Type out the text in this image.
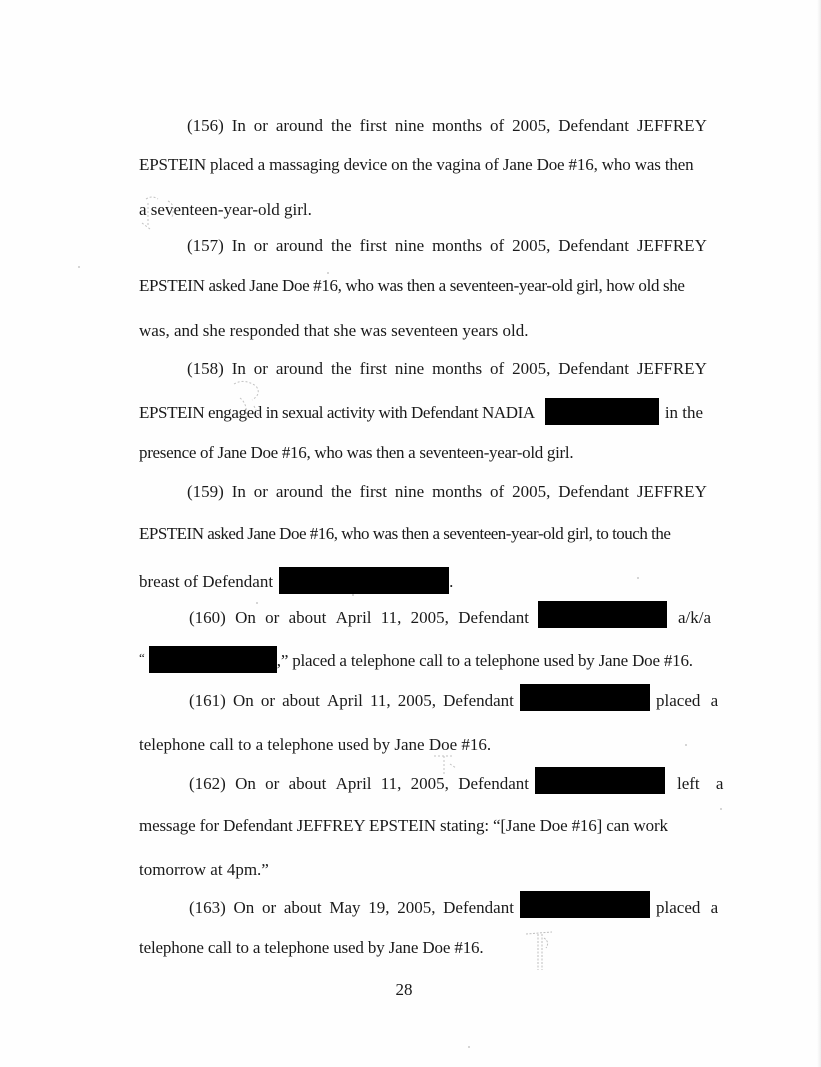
(156) In or around the first nine months of 2005, Defendant JEFFREY
EPSTEIN placed a massaging device on the vagina of Jane Doe #16, who was then
a seventeen-year-old girl.
(157) In or around the first nine months of 2005, Defendant JEFFREY
EPSTEIN asked Jane Doe #16, who was then a seventeen-year-old girl, how old she
was, and she responded that she was seventeen years old.
(158) In or around the first nine months of 2005, Defendant JEFFREY
EPSTEIN engaged in sexual activity with Defendant NADIA	in the
presence of Jane Doe #16, who was then a seventeen-year-old girl.
(159) In or around the first nine months of 2005, Defendant JEFFREY
EPSTEIN asked Jane Doe #16, who was then a seventeen-year-old girl, to touch the
breast of Defendant	.
(160) On or about April 11, 2005, Defendant	a/k/a
“	,” placed a telephone call to a telephone used by Jane Doe #16.
(161) On or about April 11, 2005, Defendant	placed a
telephone call to a telephone used by Jane Doe #16.
(162) On or about April 11, 2005, Defendant	left a
message for Defendant JEFFREY EPSTEIN stating: “[Jane Doe #16] can work
tomorrow at 4pm.”
(163) On or about May 19, 2005, Defendant	placed a
telephone call to a telephone used by Jane Doe #16.
28
